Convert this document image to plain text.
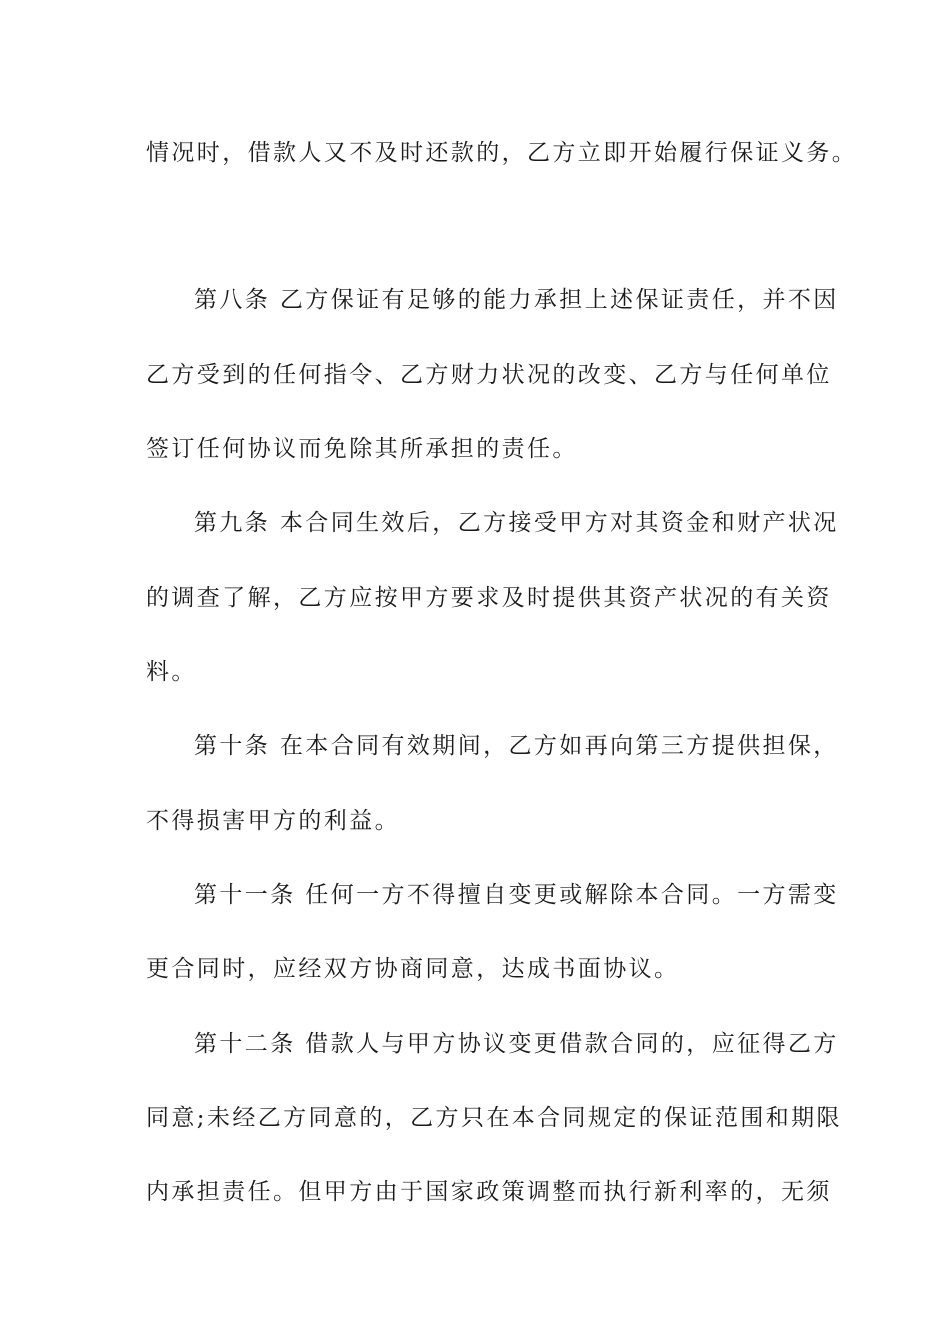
情况时，借款人又不及时还款的，乙方立即开始履行保证义务。

第八条 乙方保证有足够的能力承担上述保证责任，并不因

乙方受到的任何指令、乙方财力状况的改变、乙方与任何单位

签订任何协议而免除其所承担的责任。

第九条 本合同生效后，乙方接受甲方对其资金和财产状况

的调查了解，乙方应按甲方要求及时提供其资产状况的有关资

料。

第十条 在本合同有效期间，乙方如再向第三方提供担保，

不得损害甲方的利益。

第十一条 任何一方不得擅自变更或解除本合同。一方需变

更合同时，应经双方协商同意，达成书面协议。

第十二条 借款人与甲方协议变更借款合同的，应征得乙方

同意;未经乙方同意的，乙方只在本合同规定的保证范围和期限

内承担责任。但甲方由于国家政策调整而执行新利率的，无须
